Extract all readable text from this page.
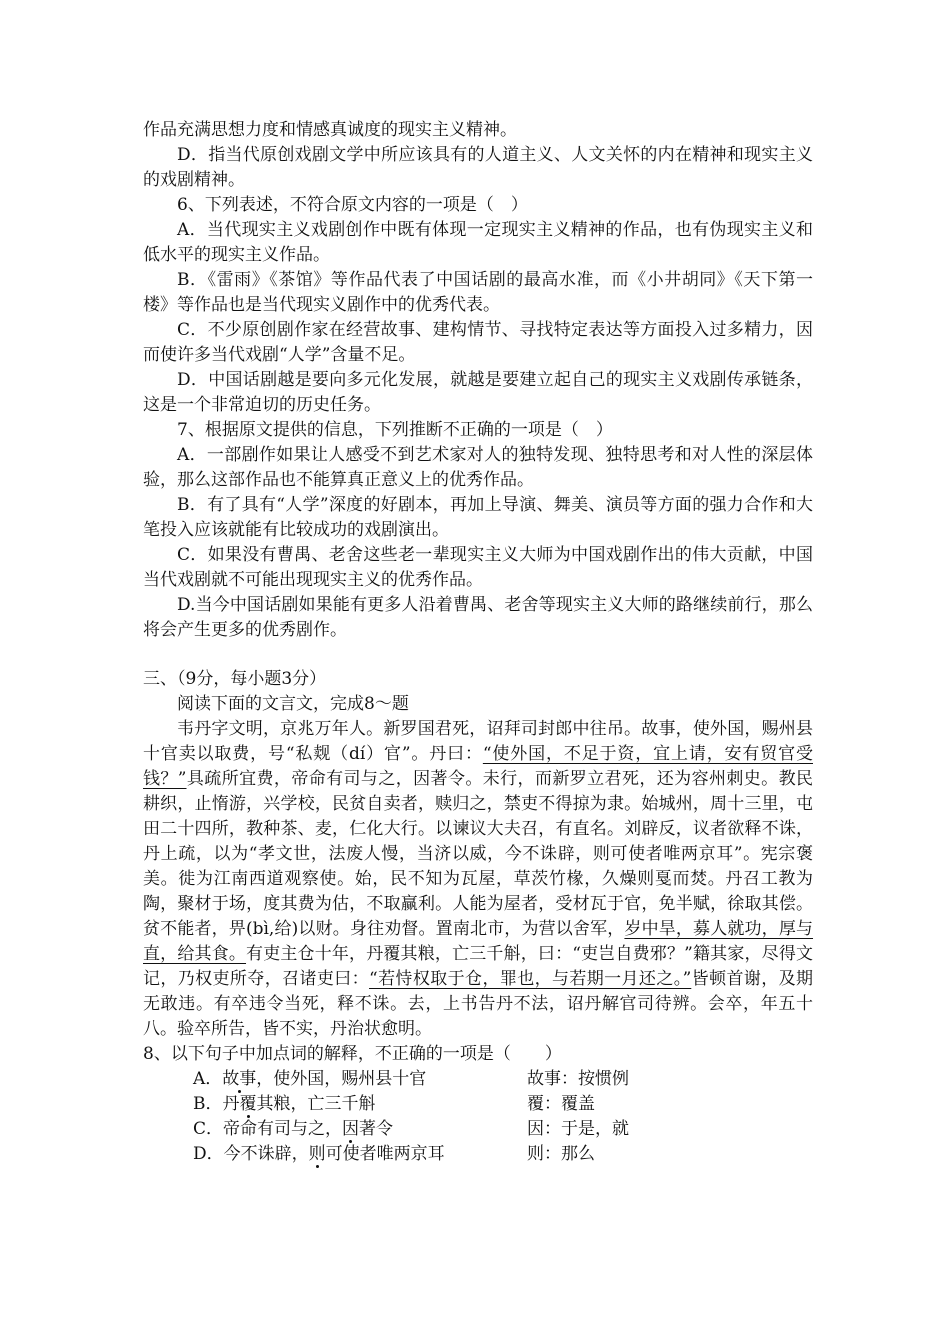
作品充满思想力度和情感真诚度的现实主义精神。

D．指当代原创戏剧文学中所应该具有的人道主义、人文关怀的内在精神和现实主义的戏剧精神。

6、下列表述，不符合原文内容的一项是（　）

A．当代现实主义戏剧创作中既有体现一定现实主义精神的作品，也有伪现实主义和低水平的现实主义作品。

B．《雷雨》《茶馆》等作品代表了中国话剧的最高水准，而《小井胡同》《天下第一楼》等作品也是当代现实义剧作中的优秀代表。

C．不少原创剧作家在经营故事、建构情节、寻找特定表达等方面投入过多精力，因而使许多当代戏剧“人学”含量不足。

D．中国话剧越是要向多元化发展，就越是要建立起自己的现实主义戏剧传承链条，这是一个非常迫切的历史任务。

7、根据原文提供的信息，下列推断不正确的一项是（　）

A．一部剧作如果让人感受不到艺术家对人的独特发现、独特思考和对人性的深层体验，那么这部作品也不能算真正意义上的优秀作品。

B．有了具有“人学”深度的好剧本，再加上导演、舞美、演员等方面的强力合作和大笔投入应该就能有比较成功的戏剧演出。

C．如果没有曹禺、老舍这些老一辈现实主义大师为中国戏剧作出的伟大贡献，中国当代戏剧就不可能出现现实主义的优秀作品。

D.当今中国话剧如果能有更多人沿着曹禺、老舍等现实主义大师的路继续前行，那么将会产生更多的优秀剧作。

三、（9分，每小题3分）

阅读下面的文言文，完成8～题

韦丹字文明，京兆万年人。新罗国君死，诏拜司封郎中往吊。故事，使外国，赐州县十官卖以取费，号“私觌（dí）官”。丹曰：“使外国，不足于资，宜上请，安有贸官受钱？”具疏所宜费，帝命有司与之，因著令。未行，而新罗立君死，还为容州刺史。教民耕织，止惰游，兴学校，民贫自卖者，赎归之，禁吏不得掠为隶。始城州，周十三里，屯田二十四所，教种茶、麦，仁化大行。以谏议大夫召，有直名。刘辟反，议者欲释不诛，丹上疏，以为“孝文世，法废人慢，当济以威，今不诛辟，则可使者唯两京耳”。宪宗褒美。徙为江南西道观察使。始，民不知为瓦屋，草茨竹椽，久燥则戛而焚。丹召工教为陶，聚材于场，度其费为估，不取赢利。人能为屋者，受材瓦于官，免半赋，徐取其偿。贫不能者，畀(bì,给)以财。身往劝督。置南北市，为营以舍军，岁中旱，募人就功，厚与直，给其食。有吏主仓十年，丹覆其粮，亡三千斛，曰：“吏岂自费邪？”籍其家，尽得文记，乃权吏所夺，召诸吏曰：“若恃权取于仓，罪也，与若期一月还之。”皆顿首谢，及期无敢违。有卒违令当死，释不诛。去，上书告丹不法，诏丹解官司待辨。会卒，年五十八。验卒所告，皆不实，丹治状愈明。

8、以下句子中加点词的解释，不正确的一项是（　　）

A．故事，使外国，赐州县十官	故事：按惯例
B．丹覆其粮，亡三千斛	覆：覆盖
C．帝命有司与之，因著令	因：于是，就
D．今不诛辟，则可使者唯两京耳	则：那么
